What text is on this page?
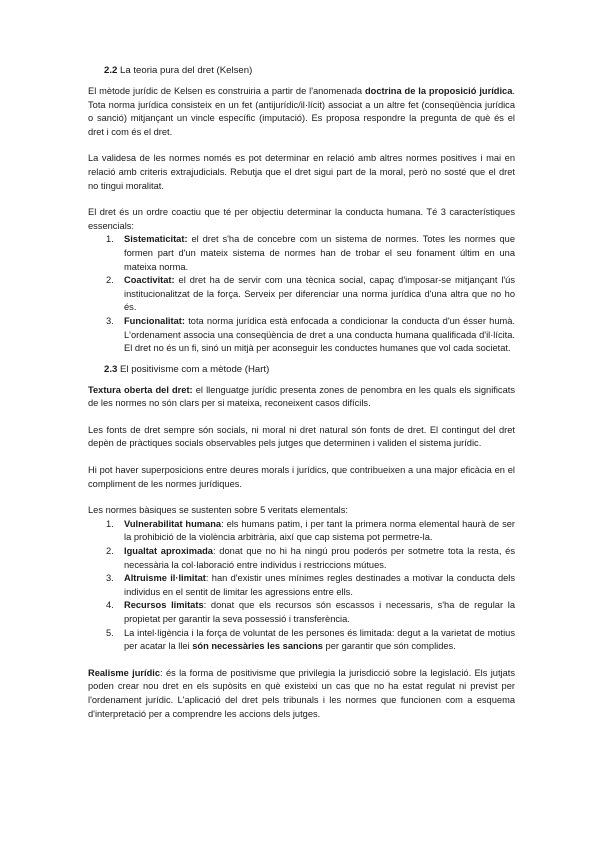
2.2 La teoria pura del dret (Kelsen)

El mètode jurídic de Kelsen es construiria a partir de l'anomenada doctrina de la proposició jurídica. Tota norma jurídica consisteix en un fet (antijurídic/il·lícit) associat a un altre fet (conseqüència jurídica o sanció) mitjançant un vincle específic (imputació). Es proposa respondre la pregunta de què és el dret i com és el dret.

La validesa de les normes només es pot determinar en relació amb altres normes positives i mai en relació amb criteris extrajudicials. Rebutja que el dret sigui part de la moral, però no sosté que el dret no tingui moralitat.

El dret és un ordre coactiu que té per objectiu determinar la conducta humana. Té 3 característiques essencials:

1. Sistematicitat: el dret s'ha de concebre com un sistema de normes. Totes les normes que formen part d'un mateix sistema de normes han de trobar el seu fonament últim en una mateixa norma.
2. Coactivitat: el dret ha de servir com una tècnica social, capaç d'imposar-se mitjançant l'ús institucionalitzat de la força. Serveix per diferenciar una norma jurídica d'una altra que no ho és.
3. Funcionalitat: tota norma jurídica està enfocada a condicionar la conducta d'un ésser humà. L'ordenament associa una conseqüència de dret a una conducta humana qualificada d'il·lícita. El dret no és un fi, sinó un mitjà per aconseguir les conductes humanes que vol cada societat.
2.3 El positivisme com a mètode (Hart)

Textura oberta del dret: el llenguatge jurídic presenta zones de penombra en les quals els significats de les normes no són clars per si mateixa, reconeixent casos difícils.

Les fonts de dret sempre són socials, ni moral ni dret natural són fonts de dret. El contingut del dret depèn de pràctiques socials observables pels jutges que determinen i validen el sistema jurídic.

Hi pot haver superposicions entre deures morals i jurídics, que contribueixen a una major eficàcia en el compliment de les normes jurídiques.

Les normes bàsiques se sustenten sobre 5 veritats elementals:

1. Vulnerabilitat humana: els humans patim, i per tant la primera norma elemental haurà de ser la prohibició de la violència arbitrària, així que cap sistema pot permetre-la.
2. Igualtat aproximada: donat que no hi ha ningú prou poderós per sotmetre tota la resta, és necessària la col·laboració entre individus i restriccions mútues.
3. Altruisme il·limitat: han d'existir unes mínimes regles destinades a motivar la conducta dels individus en el sentit de limitar les agressions entre ells.
4. Recursos limitats: donat que els recursos són escassos i necessaris, s'ha de regular la propietat per garantir la seva possessió i transferència.
5. La intel·ligència i la força de voluntat de les persones és limitada: degut a la varietat de motius per acatar la llei són necessàries les sancions per garantir que són complides.

Realisme jurídic: és la forma de positivisme que privilegia la jurisdicció sobre la legislació. Els jutjats poden crear nou dret en els supòsits en què existeixi un cas que no ha estat regulat ni previst per l'ordenament jurídic. L'aplicació del dret pels tribunals i les normes que funcionen com a esquema d'interpretació per a comprendre les accions dels jutges.
